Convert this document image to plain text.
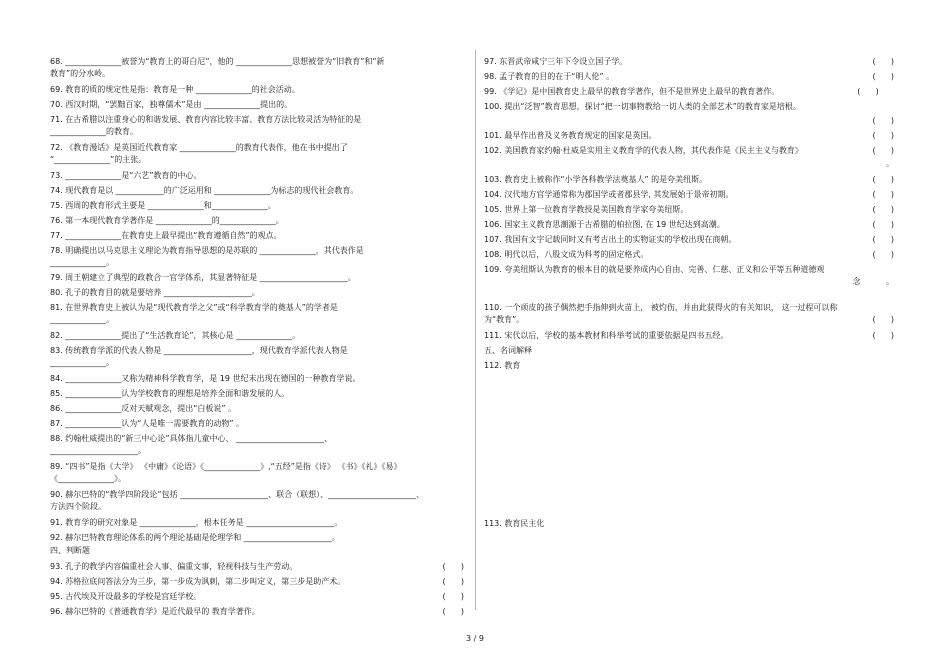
68. ______________被誉为“教育上的哥白尼”，他的 ______________思想被誉为“旧教育”和“新
教育”的分水岭。
69. 教育的质的规定性是指：教育是一种 ______________的社会活动。
70. 西汉时期，“罢黜百家，独尊儒术”是由 ______________提出的。
71. 在古希腊以注重身心的和谐发展、教育内容比较丰富、教育方法比较灵活为特征的是
______________的教育。
72. 《教育漫话》是英国近代教育家 ______________的教育代表作，他在书中提出了
“______________”的主张。
73. ______________是“六艺”教育的中心。
74. 现代教育是以 ____________的广泛运用和 ______________为标志的现代社会教育。
75. 西周的教育形式主要是 ______________和______________。
76. 第一本现代教育学著作是 ______________的______________。
77. ______________在教育史上最早提出“教育遵循自然”的观点。
78. 明确提出以马克思主义理论为教育指导思想的是苏联的 ______________，其代表作是
______________。
79. 周王朝建立了典型的政教合一官学体系，其显著特征是 ______________________。
80. 孔子的教育目的就是要培养 ______________________。
81. 在世界教育史上被认为是“现代教育学之父”或“科学教育学的奠基人”的学者是
______________。
82. ______________提出了“生活教育论”，其核心是 ______________。
83. 传统教育学派的代表人物是 ______________________，现代教育学派代表人物是
______________。
84. ______________又称为精神科学教育学，是 19 世纪末出现在德国的一种教育学说。
85. ______________认为学校教育的理想是培养全面和谐发展的人。
86. ______________反对天赋观念，提出“白板说” 。
87. ______________认为“人是唯一需要教育的动物” 。
88. 约翰杜威提出的“新三中心论”具体指儿童中心、 ______________________、
______________________。
89. “四书”是指《大学》 《中庸》《论语》《______________》,“五经”是指《诗》 《书》《礼》《易》
《______________》。
90. 赫尔巴特的“教学四阶段论”包括 ______________________、联合（联想）、______________________、
方法四个阶段。
91. 教育学的研究对象是 ______________，根本任务是 ______________________。
92. 赫尔巴特教育理论体系的两个理论基础是伦理学和 ______________________。
四、判断题
93. 孔子的教学内容偏重社会人事、偏重文事，轻视科技与生产劳动。	(      )
94. 苏格拉底问答法分为三步，第一步成为讽刺，第二步叫定义，第三步是助产术。	(      )
95. 古代埃及开设最多的学校是宫廷学校。	(      )
96. 赫尔巴特的《普通教育学》是近代最早的 教育学著作。	(      )
97. 东晋武帝咸宁三年下令设立国子学。	(      )
98. 孟子教育的目的在于“明人伦” 。	(      )
99. 《学记》是中国教育史上最早的教育学著作，但不是世界史上最早的教育著作。	(      )
100. 提出“泛智”教育思想，探讨“把一切事物教给一切人类的全部艺术”的教育家是培根。
(      )
101. 最早作出普及义务教育规定的国家是英国。	(      )
102. 美国教育家约翰·杜威是实用主义教育学的代表人物，其代表作是《民主主义与教育》	(      )
。
103. 教育史上被称作“小学各科教学法奠基人” 的是夸美纽斯。	(      )
104. 汉代地方官学通常称为郡国学或者郡县学, 其发展始于景帝初期。	(      )
105. 世界上第一位教育学教授是美国教育学家夸美纽斯。	(      )
106. 国家主义教育思潮源于古希腊的柏拉图, 在 19 世纪达到高潮。	(      )
107. 我国有文字记载同时又有考古出土的实物证实的学校出现在商朝。	(      )
108. 明代以后，八股文成为科考的固定格式。	(      )
109. 夸美纽斯认为教育的根本目的就是要养成内心自由、完善、仁慈、正义和公平等五种道德观
念          。
110. 一个顽皮的孩子偶然把手指伸到火苗上， 被灼伤，并由此获得火的有关知识， 这一过程可以称
为“教育”。	(      )
111. 宋代以后，学校的基本教材和科举考试的重要依据是四书五经。	(      )
五、名词解释
112. 教育
113. 教育民主化
3 / 9
